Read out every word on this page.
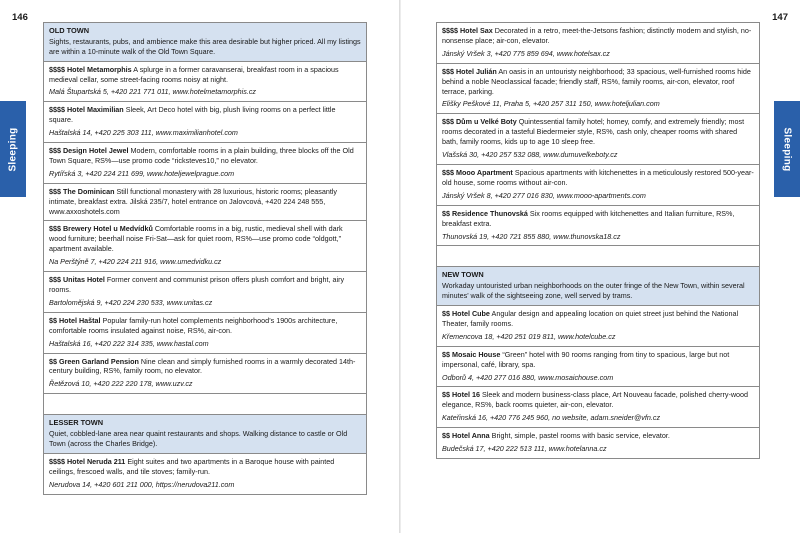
146	147
Sleeping	Sleeping
OLD TOWN
Sights, restaurants, pubs, and ambience make this area desirable but higher priced. All my listings are within a 10-minute walk of the Old Town Square.
$$$$ Hotel Metamorphis A splurge in a former caravanserai, breakfast room in a spacious medieval cellar, some street-facing rooms noisy at night.
Malá Štupartská 5, +420 221 771 011, www.hotelmetamorphis.cz
$$$$ Hotel Maximilian Sleek, Art Deco hotel with big, plush living rooms on a perfect little square.
Haštalská 14, +420 225 303 111, www.maximilianhotel.com
$$$ Design Hotel Jewel Modern, comfortable rooms in a plain building, three blocks off the Old Town Square, RS%—use promo code “ricksteves10,” no elevator.
Rytířská 3, +420 224 211 699, www.hoteljewelprague.com
$$$ The Dominican Still functional monastery with 28 luxurious, historic rooms; pleasantly intimate, breakfast extra. Jilská 235/7, hotel entrance on Jalovcová, +420 224 248 555, www.axxoshotels.com
$$$ Brewery Hotel u Medvídků Comfortable rooms in a big, rustic, medieval shell with dark wood furniture; beerhall noise Fri-Sat—ask for quiet room, RS%—use promo code “oldgott,” apartment available.
Na Perštýně 7, +420 224 211 916, www.umedvidku.cz
$$$ Unitas Hotel Former convent and communist prison offers plush comfort and bright, airy rooms.
Bartolomějská 9, +420 224 230 533, www.unitas.cz
$$ Hotel Haštal Popular family-run hotel complements neighborhood’s 1900s architecture, comfortable rooms insulated against noise, RS%, air-con.
Haštalská 16, +420 222 314 335, www.hastal.com
$$ Green Garland Pension Nine clean and simply furnished rooms in a warmly decorated 14th-century building, RS%, family room, no elevator.
Řetězová 10, +420 222 220 178, www.uzv.cz
LESSER TOWN
Quiet, cobbled-lane area near quaint restaurants and shops. Walking distance to castle or Old Town (across the Charles Bridge).
$$$$ Hotel Neruda 211 Eight suites and two apartments in a Baroque house with painted ceilings, frescoed walls, and tile stoves; family-run.
Nerudova 14, +420 601 211 000, https://nerudova211.com
$$$$ Hotel Sax Decorated in a retro, meet-the-Jetsons fashion; distinctly modern and stylish, no-nonsense place; air-con, elevator.
Jánský Vršek 3, +420 775 859 694, www.hotelsax.cz
$$$ Hotel Julián An oasis in an untouristy neighborhood; 33 spacious, well-furnished rooms hide behind a noble Neoclassical facade; friendly staff, RS%, family rooms, air-con, elevator, roof terrace, parking.
Elišky Peškové 11, Praha 5, +420 257 311 150, www.hoteljulian.com
$$$ Dům u Velké Boty Quintessential family hotel; homey, comfy, and extremely friendly; most rooms decorated in a tasteful Biedermeier style, RS%, cash only, cheaper rooms with shared bath, family rooms, kids up to age 10 sleep free.
Vlašská 30, +420 257 532 088, www.dumuvelkeboty.cz
$$$ Mooo Apartment Spacious apartments with kitchenettes in a meticulously restored 500-year-old house, some rooms without air-con.
Jánský Vršek 8, +420 277 016 830, www.mooo-apartments.com
$$ Residence Thunovská Six rooms equipped with kitchenettes and Italian furniture, RS%, breakfast extra.
Thunovská 19, +420 721 855 880, www.thunovska18.cz
NEW TOWN
Workaday untouristed urban neighborhoods on the outer fringe of the New Town, within several minutes’ walk of the sightseeing zone, well served by trams.
$$ Hotel Cube Angular design and appealing location on quiet street just behind the National Theater, family rooms.
Křemencova 18, +420 251 019 811, www.hotelcube.cz
$$ Mosaic House “Green” hotel with 90 rooms ranging from tiny to spacious, large but not impersonal, café, library, spa.
Odborů 4, +420 277 016 880, www.mosaichouse.com
$$ Hotel 16 Sleek and modern business-class place, Art Nouveau facade, polished cherry-wood elegance, RS%, back rooms quieter, air-con, elevator.
Kateřinská 16, +420 776 245 960, no website, adam.sneider@vfn.cz
$$ Hotel Anna Bright, simple, pastel rooms with basic service, elevator.
Budečská 17, +420 222 513 111, www.hotelanna.cz
